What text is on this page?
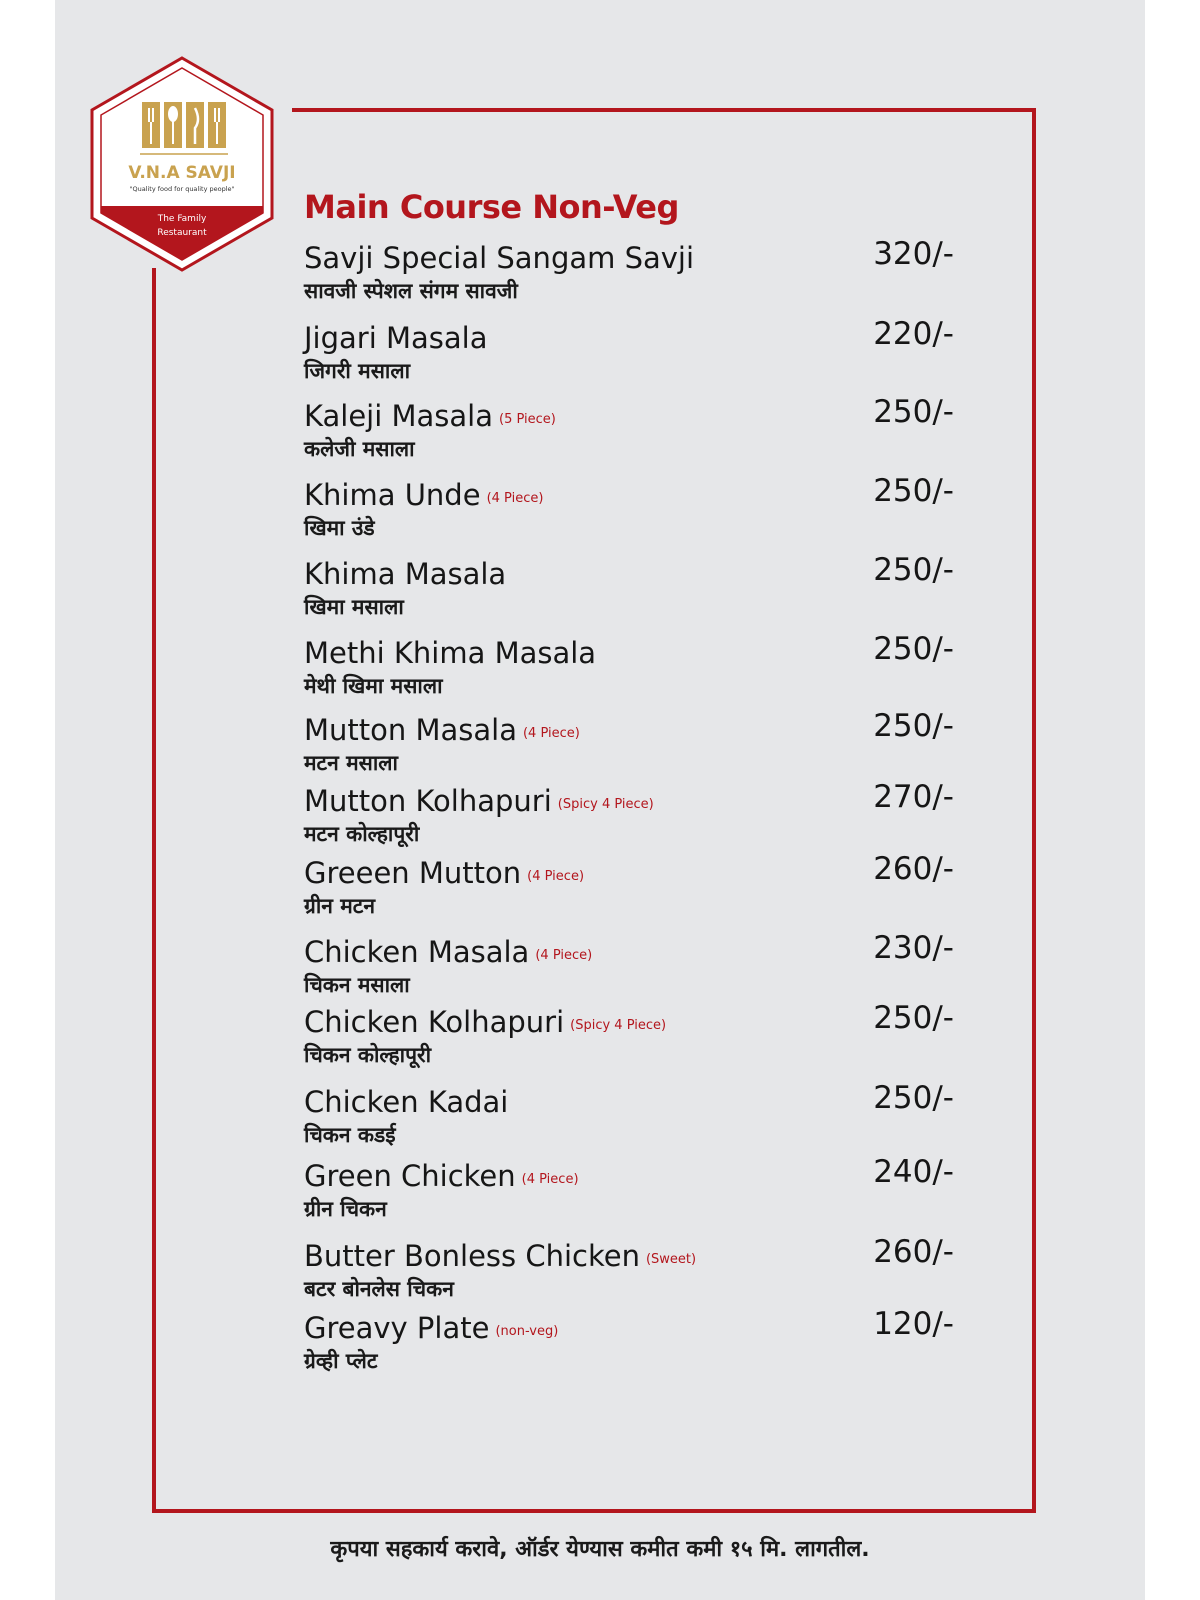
V.N.A SAVJI
"Quality food for quality people"
The Family
Restaurant
Main Course Non-Veg
Savji Special Sangam Savji
सावजी स्पेशल संगम सावजी
320/-
Jigari Masala
जिगरी मसाला
220/-
Kaleji Masala (5 Piece)
कलेजी मसाला
250/-
Khima Unde (4 Piece)
खिमा उंडे
250/-
Khima Masala
खिमा मसाला
250/-
Methi Khima Masala
मेथी खिमा मसाला
250/-
Mutton Masala (4 Piece)
मटन मसाला
250/-
Mutton Kolhapuri (Spicy 4 Piece)
मटन कोल्हापूरी
270/-
Greeen Mutton (4 Piece)
ग्रीन मटन
260/-
Chicken Masala (4 Piece)
चिकन मसाला
230/-
Chicken Kolhapuri (Spicy 4 Piece)
चिकन कोल्हापूरी
250/-
Chicken Kadai
चिकन कडई
250/-
Green Chicken (4 Piece)
ग्रीन चिकन
240/-
Butter Bonless Chicken (Sweet)
बटर बोनलेस चिकन
260/-
Greavy Plate (non-veg)
ग्रेव्ही प्लेट
120/-
कृपया सहकार्य करावे, ऑर्डर येण्यास कमीत कमी १५ मि. लागतील.
